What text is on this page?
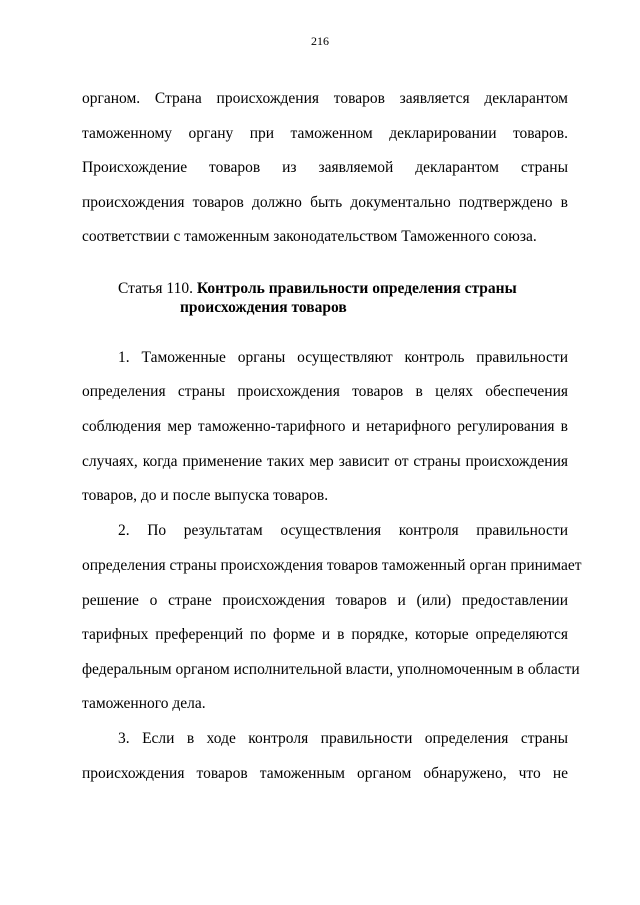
216
органом. Страна происхождения товаров заявляется декларантом
таможенному органу при таможенном декларировании товаров.
Происхождение товаров из заявляемой декларантом страны
происхождения товаров должно быть документально подтверждено в
соответствии с таможенным законодательством Таможенного союза.
Статья 110. Контроль правильности определения страны
происхождения товаров
1. Таможенные органы осуществляют контроль правильности
определения страны происхождения товаров в целях обеспечения
соблюдения мер таможенно-тарифного и нетарифного регулирования в
случаях, когда применение таких мер зависит от страны происхождения
товаров, до и после выпуска товаров.
2. По результатам осуществления контроля правильности
определения страны происхождения товаров таможенный орган принимает
решение о стране происхождения товаров и (или) предоставлении
тарифных преференций по форме и в порядке, которые определяются
федеральным органом исполнительной власти, уполномоченным в области
таможенного дела.
3. Если в ходе контроля правильности определения страны
происхождения товаров таможенным органом обнаружено, что не
